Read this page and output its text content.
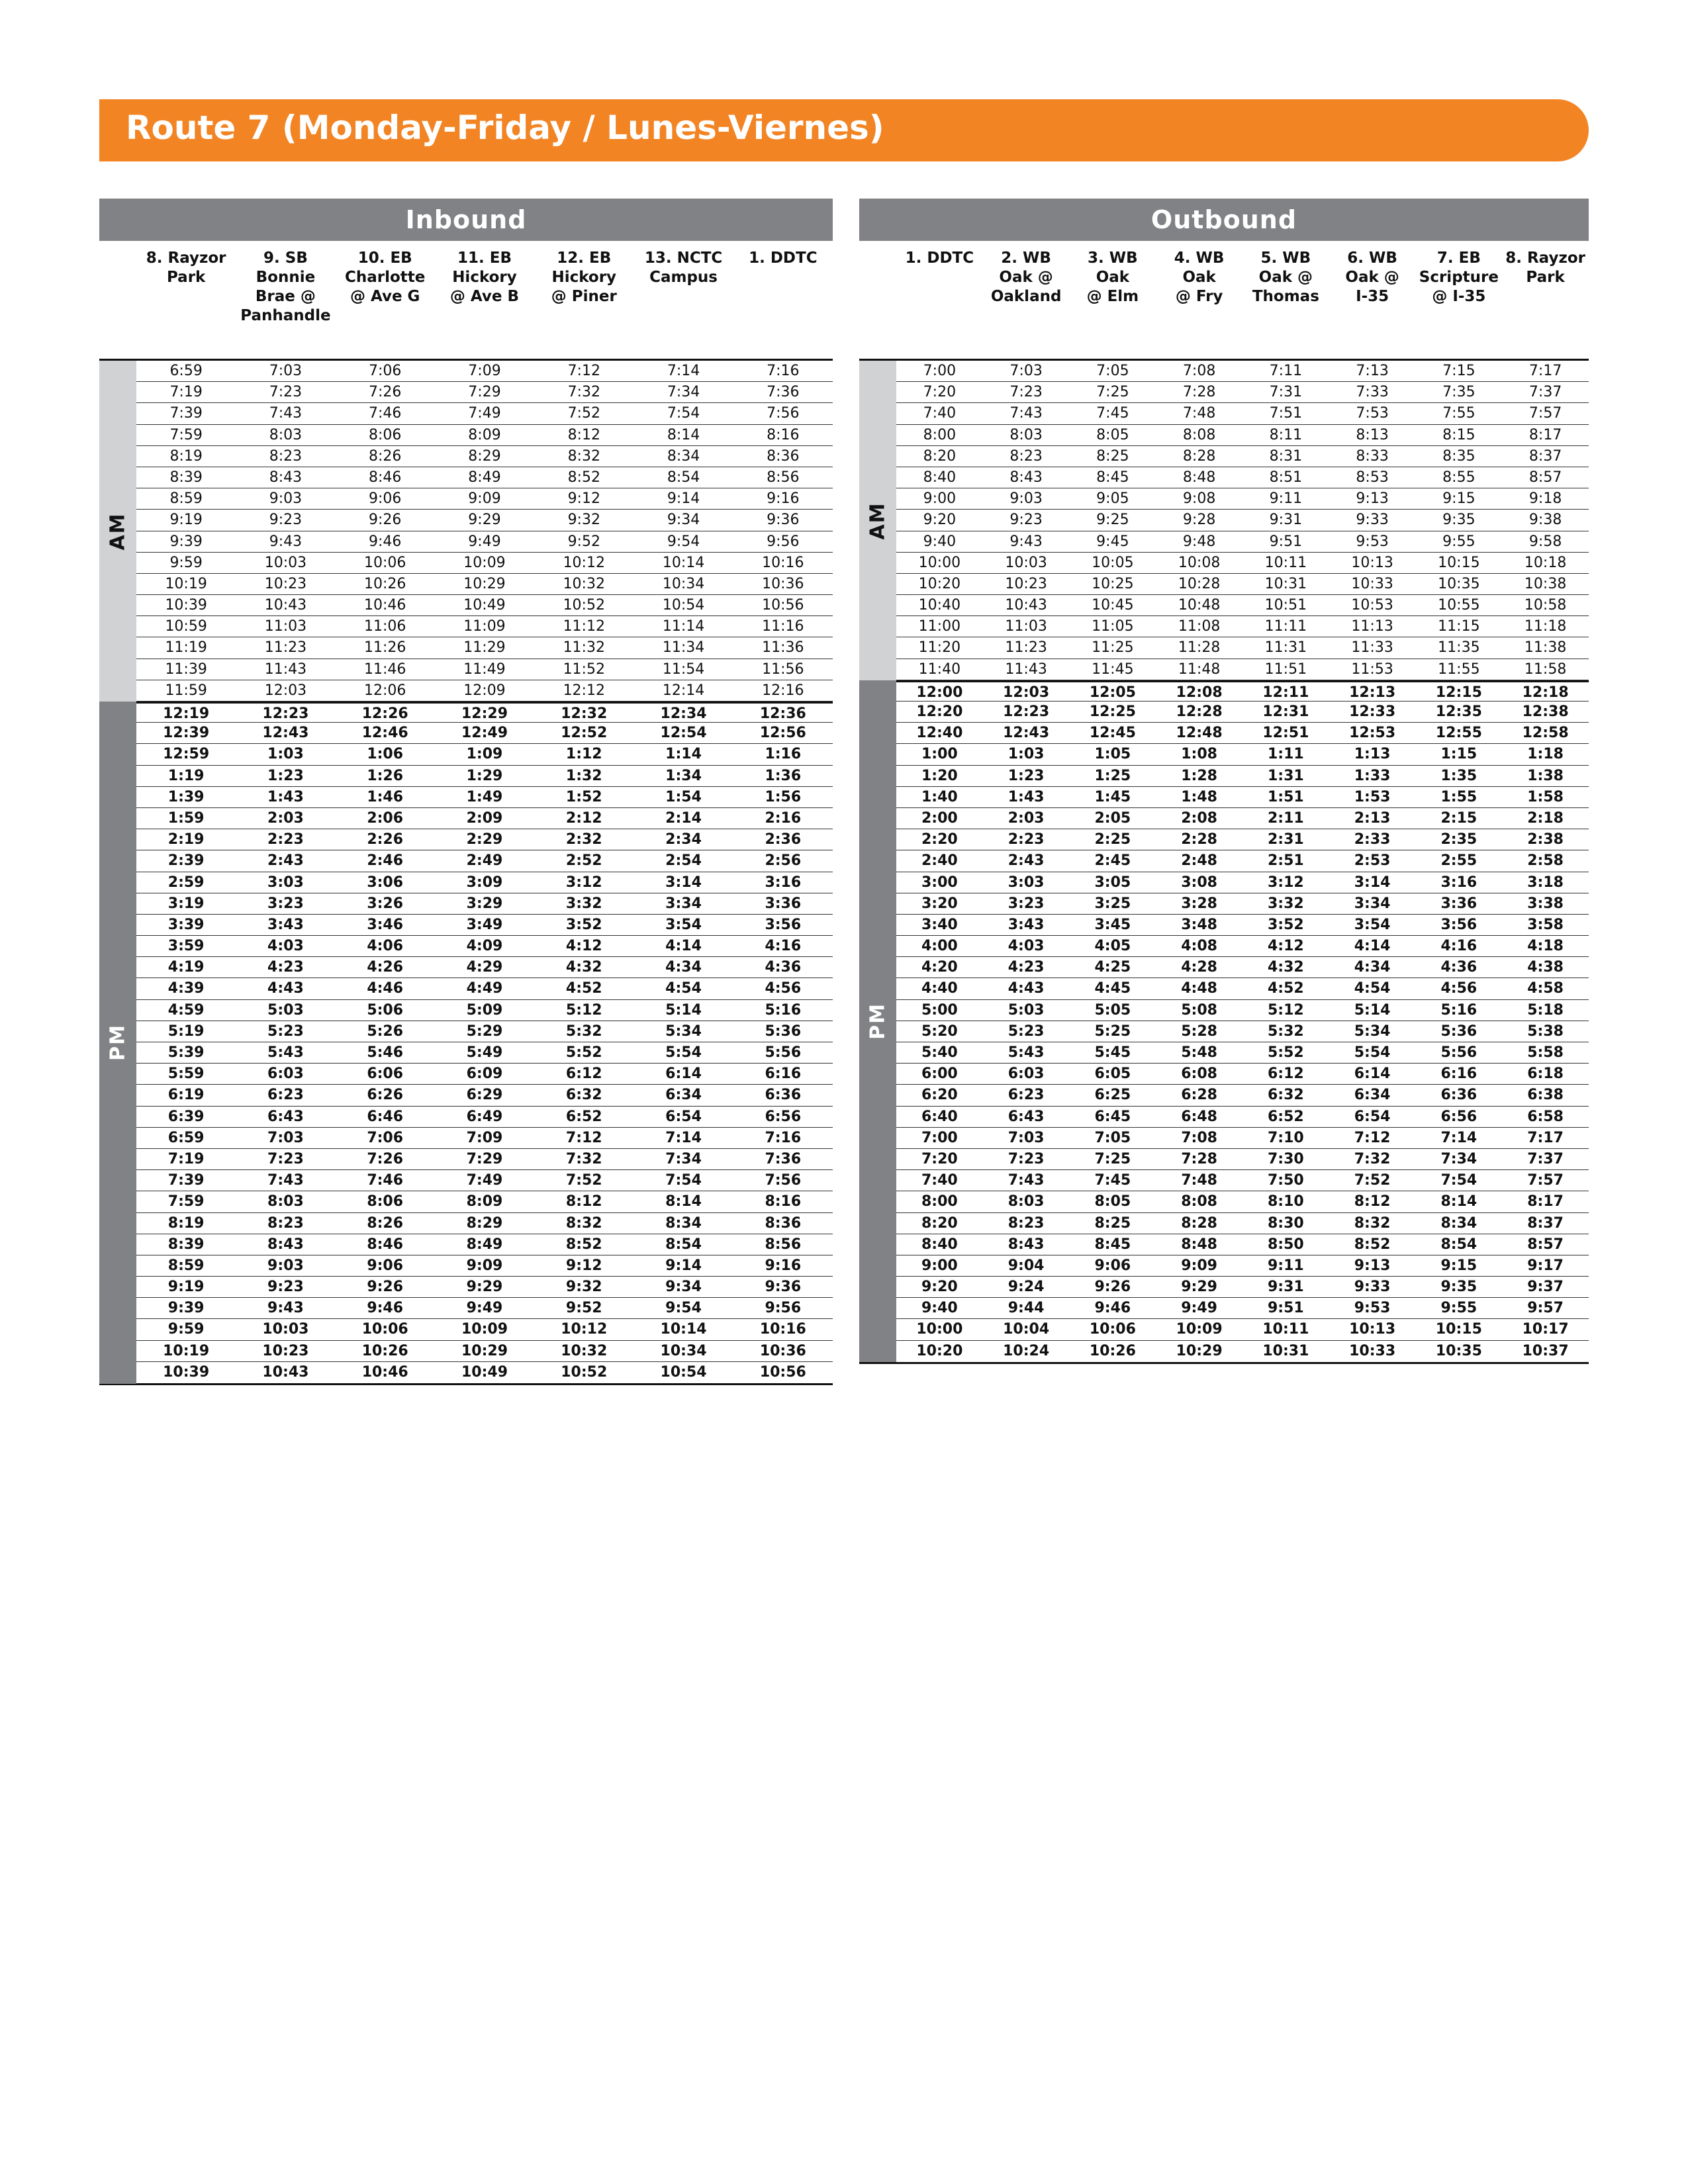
Route 7 (Monday-Friday / Lunes-Viernes)
Inbound
8. Rayzor
Park
9. SB
Bonnie
Brae @
Panhandle
10. EB
Charlotte
@ Ave G
11. EB
Hickory
@ Ave B
12. EB
Hickory
@ Piner
13. NCTC
Campus
1. DDTC
AM
PM
6:59	7:03	7:06	7:09	7:12	7:14	7:16
7:19	7:23	7:26	7:29	7:32	7:34	7:36
7:39	7:43	7:46	7:49	7:52	7:54	7:56
7:59	8:03	8:06	8:09	8:12	8:14	8:16
8:19	8:23	8:26	8:29	8:32	8:34	8:36
8:39	8:43	8:46	8:49	8:52	8:54	8:56
8:59	9:03	9:06	9:09	9:12	9:14	9:16
9:19	9:23	9:26	9:29	9:32	9:34	9:36
9:39	9:43	9:46	9:49	9:52	9:54	9:56
9:59	10:03	10:06	10:09	10:12	10:14	10:16
10:19	10:23	10:26	10:29	10:32	10:34	10:36
10:39	10:43	10:46	10:49	10:52	10:54	10:56
10:59	11:03	11:06	11:09	11:12	11:14	11:16
11:19	11:23	11:26	11:29	11:32	11:34	11:36
11:39	11:43	11:46	11:49	11:52	11:54	11:56
11:59	12:03	12:06	12:09	12:12	12:14	12:16
12:19	12:23	12:26	12:29	12:32	12:34	12:36
12:39	12:43	12:46	12:49	12:52	12:54	12:56
12:59	1:03	1:06	1:09	1:12	1:14	1:16
1:19	1:23	1:26	1:29	1:32	1:34	1:36
1:39	1:43	1:46	1:49	1:52	1:54	1:56
1:59	2:03	2:06	2:09	2:12	2:14	2:16
2:19	2:23	2:26	2:29	2:32	2:34	2:36
2:39	2:43	2:46	2:49	2:52	2:54	2:56
2:59	3:03	3:06	3:09	3:12	3:14	3:16
3:19	3:23	3:26	3:29	3:32	3:34	3:36
3:39	3:43	3:46	3:49	3:52	3:54	3:56
3:59	4:03	4:06	4:09	4:12	4:14	4:16
4:19	4:23	4:26	4:29	4:32	4:34	4:36
4:39	4:43	4:46	4:49	4:52	4:54	4:56
4:59	5:03	5:06	5:09	5:12	5:14	5:16
5:19	5:23	5:26	5:29	5:32	5:34	5:36
5:39	5:43	5:46	5:49	5:52	5:54	5:56
5:59	6:03	6:06	6:09	6:12	6:14	6:16
6:19	6:23	6:26	6:29	6:32	6:34	6:36
6:39	6:43	6:46	6:49	6:52	6:54	6:56
6:59	7:03	7:06	7:09	7:12	7:14	7:16
7:19	7:23	7:26	7:29	7:32	7:34	7:36
7:39	7:43	7:46	7:49	7:52	7:54	7:56
7:59	8:03	8:06	8:09	8:12	8:14	8:16
8:19	8:23	8:26	8:29	8:32	8:34	8:36
8:39	8:43	8:46	8:49	8:52	8:54	8:56
8:59	9:03	9:06	9:09	9:12	9:14	9:16
9:19	9:23	9:26	9:29	9:32	9:34	9:36
9:39	9:43	9:46	9:49	9:52	9:54	9:56
9:59	10:03	10:06	10:09	10:12	10:14	10:16
10:19	10:23	10:26	10:29	10:32	10:34	10:36
10:39	10:43	10:46	10:49	10:52	10:54	10:56
Outbound
1. DDTC	2. WB
Oak @
Oakland
3. WB
Oak
@ Elm
4. WB
Oak
@ Fry
5. WB
Oak @
Thomas
6. WB
Oak @
I-35
7. EB
Scripture
@ I-35
8. Rayzor
Park
AM
PM
7:00	7:03	7:05	7:08	7:11	7:13	7:15	7:17
7:20	7:23	7:25	7:28	7:31	7:33	7:35	7:37
7:40	7:43	7:45	7:48	7:51	7:53	7:55	7:57
8:00	8:03	8:05	8:08	8:11	8:13	8:15	8:17
8:20	8:23	8:25	8:28	8:31	8:33	8:35	8:37
8:40	8:43	8:45	8:48	8:51	8:53	8:55	8:57
9:00	9:03	9:05	9:08	9:11	9:13	9:15	9:18
9:20	9:23	9:25	9:28	9:31	9:33	9:35	9:38
9:40	9:43	9:45	9:48	9:51	9:53	9:55	9:58
10:00	10:03	10:05	10:08	10:11	10:13	10:15	10:18
10:20	10:23	10:25	10:28	10:31	10:33	10:35	10:38
10:40	10:43	10:45	10:48	10:51	10:53	10:55	10:58
11:00	11:03	11:05	11:08	11:11	11:13	11:15	11:18
11:20	11:23	11:25	11:28	11:31	11:33	11:35	11:38
11:40	11:43	11:45	11:48	11:51	11:53	11:55	11:58
12:00	12:03	12:05	12:08	12:11	12:13	12:15	12:18
12:20	12:23	12:25	12:28	12:31	12:33	12:35	12:38
12:40	12:43	12:45	12:48	12:51	12:53	12:55	12:58
1:00	1:03	1:05	1:08	1:11	1:13	1:15	1:18
1:20	1:23	1:25	1:28	1:31	1:33	1:35	1:38
1:40	1:43	1:45	1:48	1:51	1:53	1:55	1:58
2:00	2:03	2:05	2:08	2:11	2:13	2:15	2:18
2:20	2:23	2:25	2:28	2:31	2:33	2:35	2:38
2:40	2:43	2:45	2:48	2:51	2:53	2:55	2:58
3:00	3:03	3:05	3:08	3:12	3:14	3:16	3:18
3:20	3:23	3:25	3:28	3:32	3:34	3:36	3:38
3:40	3:43	3:45	3:48	3:52	3:54	3:56	3:58
4:00	4:03	4:05	4:08	4:12	4:14	4:16	4:18
4:20	4:23	4:25	4:28	4:32	4:34	4:36	4:38
4:40	4:43	4:45	4:48	4:52	4:54	4:56	4:58
5:00	5:03	5:05	5:08	5:12	5:14	5:16	5:18
5:20	5:23	5:25	5:28	5:32	5:34	5:36	5:38
5:40	5:43	5:45	5:48	5:52	5:54	5:56	5:58
6:00	6:03	6:05	6:08	6:12	6:14	6:16	6:18
6:20	6:23	6:25	6:28	6:32	6:34	6:36	6:38
6:40	6:43	6:45	6:48	6:52	6:54	6:56	6:58
7:00	7:03	7:05	7:08	7:10	7:12	7:14	7:17
7:20	7:23	7:25	7:28	7:30	7:32	7:34	7:37
7:40	7:43	7:45	7:48	7:50	7:52	7:54	7:57
8:00	8:03	8:05	8:08	8:10	8:12	8:14	8:17
8:20	8:23	8:25	8:28	8:30	8:32	8:34	8:37
8:40	8:43	8:45	8:48	8:50	8:52	8:54	8:57
9:00	9:04	9:06	9:09	9:11	9:13	9:15	9:17
9:20	9:24	9:26	9:29	9:31	9:33	9:35	9:37
9:40	9:44	9:46	9:49	9:51	9:53	9:55	9:57
10:00	10:04	10:06	10:09	10:11	10:13	10:15	10:17
10:20	10:24	10:26	10:29	10:31	10:33	10:35	10:37
